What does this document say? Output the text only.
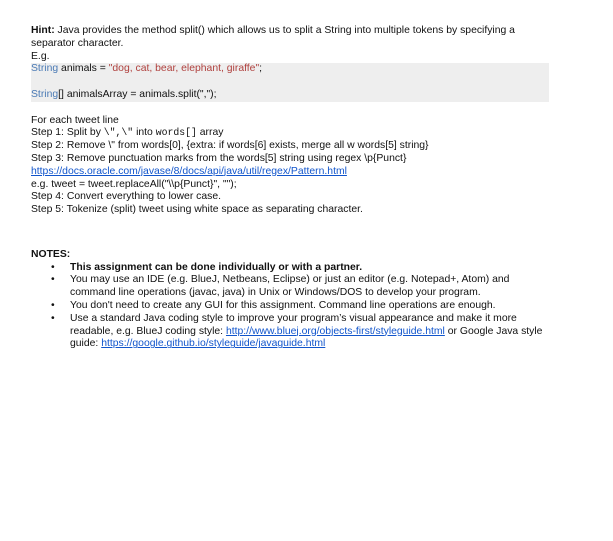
Hint: Java provides the method split() which allows us to split a String into multiple tokens by specifying a separator character.

E.g.

String animals = "dog, cat, bear, elephant, giraffe";

String[] animalsArray = animals.split(",");

For each tweet line

Step 1: Split by \",\" into words[] array

Step 2: Remove \" from words[0], {extra: if words[6] exists, merge all w words[5] string}

Step 3: Remove punctuation marks from the words[5] string using regex \p{Punct}

https://docs.oracle.com/javase/8/docs/api/java/util/regex/Pattern.html

e.g. tweet = tweet.replaceAll("\\p{Punct}", "");

Step 4: Convert everything to lower case.

Step 5: Tokenize (split) tweet using white space as separating character.

NOTES:

• This assignment can be done individually or with a partner.
• You may use an IDE (e.g. BlueJ, Netbeans, Eclipse) or just an editor (e.g. Notepad+, Atom) and command line operations (javac, java) in Unix or Windows/DOS to develop your program.
• You don't need to create any GUI for this assignment. Command line operations are enough.
• Use a standard Java coding style to improve your program’s visual appearance and make it more readable, e.g. BlueJ coding style: http://www.bluej.org/objects-first/styleguide.html or Google Java style guide: https://google.github.io/styleguide/javaguide.html
